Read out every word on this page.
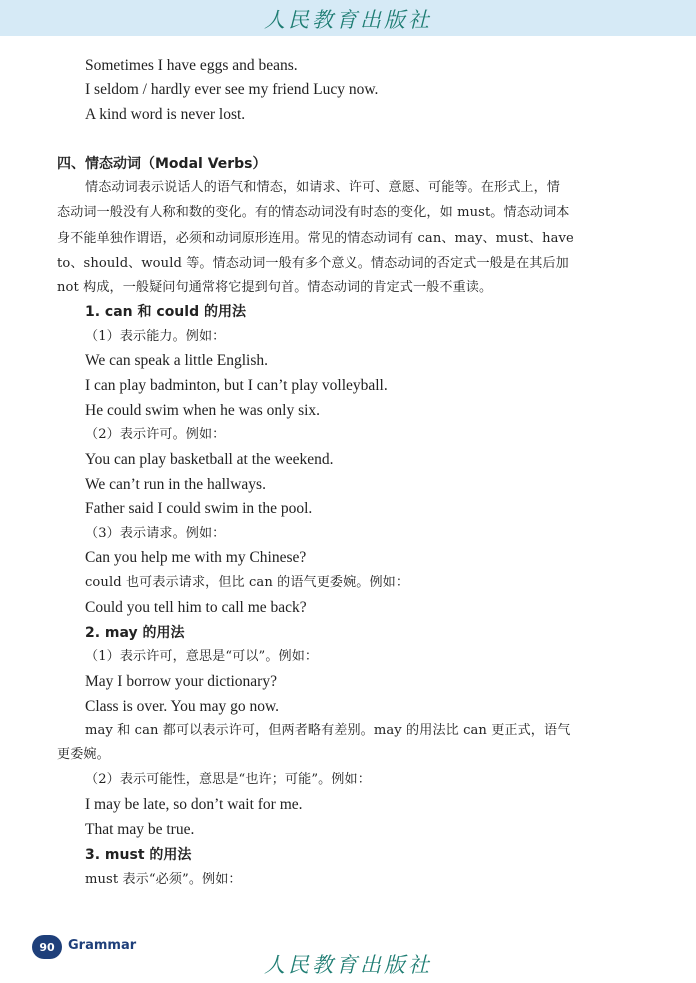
人民教育出版社
Sometimes I have eggs and beans.
I seldom / hardly ever see my friend Lucy now.
A kind word is never lost.
四、情态动词（Modal Verbs）
情态动词表示说话人的语气和情态，如请求、许可、意愿、可能等。在形式上，情
态动词一般没有人称和数的变化。有的情态动词没有时态的变化，如 must。情态动词本
身不能单独作谓语，必须和动词原形连用。常见的情态动词有 can、may、must、have
to、should、would 等。情态动词一般有多个意义。情态动词的否定式一般是在其后加
not 构成，一般疑问句通常将它提到句首。情态动词的肯定式一般不重读。
1. can 和 could 的用法
（1）表示能力。例如：
We can speak a little English.
I can play badminton, but I can’t play volleyball.
He could swim when he was only six.
（2）表示许可。例如：
You can play basketball at the weekend.
We can’t run in the hallways.
Father said I could swim in the pool.
（3）表示请求。例如：
Can you help me with my Chinese?
could 也可表示请求，但比 can 的语气更委婉。例如：
Could you tell him to call me back?
2. may 的用法
（1）表示许可，意思是“可以”。例如：
May I borrow your dictionary?
Class is over. You may go now.
may 和 can 都可以表示许可，但两者略有差别。may 的用法比 can 更正式，语气
更委婉。
（2）表示可能性，意思是“也许；可能”。例如：
I may be late, so don’t wait for me.
That may be true.
3. must 的用法
must 表示“必须”。例如：
90	Grammar
人民教育出版社
